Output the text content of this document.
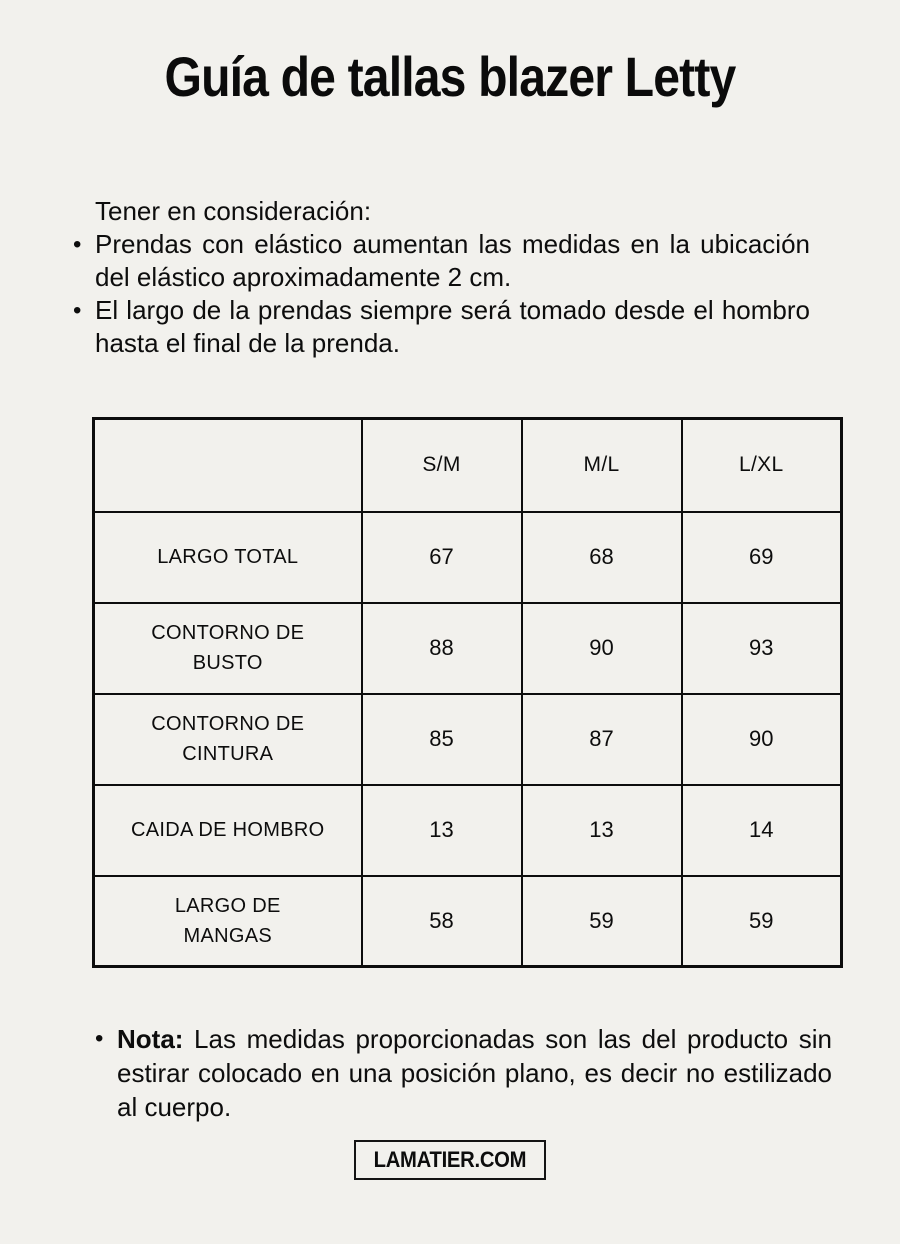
Guía de tallas blazer Letty

Tener en consideración:

• Prendas con elástico aumentan las medidas en la ubicación del elástico aproximadamente 2 cm.

• El largo de la prendas siempre será tomado desde el hombro hasta el final de la prenda.

	S/M	M/L	L/XL
LARGO TOTAL	67	68	69
CONTORNO DE BUSTO	88	90	93
CONTORNO DE CINTURA	85	87	90
CAIDA DE HOMBRO	13	13	14
LARGO DE MANGAS	58	59	59
• Nota: Las medidas proporcionadas son las del producto sin estirar colocado en una posición plano, es decir no estilizado al cuerpo.

LAMATIER.COM
